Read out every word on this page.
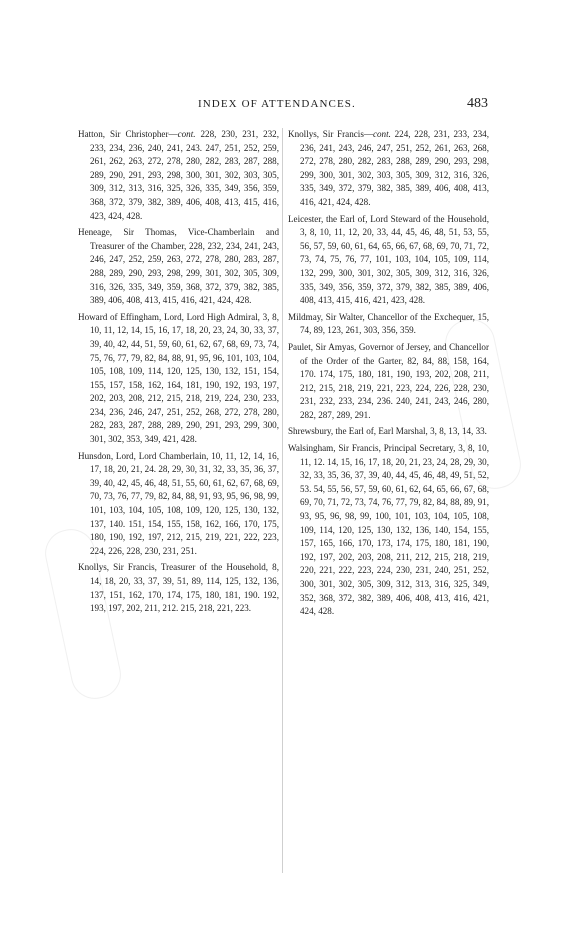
INDEX OF ATTENDANCES.	483

Hatton, Sir Christopher—cont. 228, 230, 231, 232, 233, 234, 236, 240, 241, 243. 247, 251, 252, 259, 261, 262, 263, 272, 278, 280, 282, 283, 287, 288, 289, 290, 291, 293, 298, 300, 301, 302, 303, 305, 309, 312, 313, 316, 325, 326, 335, 349, 356, 359, 368, 372, 379, 382, 389, 406, 408, 413, 415, 416, 423, 424, 428.

Heneage, Sir Thomas, Vice-Chamberlain and Treasurer of the Chamber, 228, 232, 234, 241, 243, 246, 247, 252, 259, 263, 272, 278, 280, 283, 287, 288, 289, 290, 293, 298, 299, 301, 302, 305, 309, 316, 326, 335, 349, 359, 368, 372, 379, 382, 385, 389, 406, 408, 413, 415, 416, 421, 424, 428.

Howard of Effingham, Lord, Lord High Admiral, 3, 8, 10, 11, 12, 14, 15, 16, 17, 18, 20, 23, 24, 30, 33, 37, 39, 40, 42, 44, 51, 59, 60, 61, 62, 67, 68, 69, 73, 74, 75, 76, 77, 79, 82, 84, 88, 91, 95, 96, 101, 103, 104, 105, 108, 109, 114, 120, 125, 130, 132, 151, 154, 155, 157, 158, 162, 164, 181, 190, 192, 193, 197, 202, 203, 208, 212, 215, 218, 219, 224, 230, 233, 234, 236, 246, 247, 251, 252, 268, 272, 278, 280, 282, 283, 287, 288, 289, 290, 291, 293, 299, 300, 301, 302, 353, 349, 421, 428.

Hunsdon, Lord, Lord Chamberlain, 10, 11, 12, 14, 16, 17, 18, 20, 21, 24. 28, 29, 30, 31, 32, 33, 35, 36, 37, 39, 40, 42, 45, 46, 48, 51, 55, 60, 61, 62, 67, 68, 69, 70, 73, 76, 77, 79, 82, 84, 88, 91, 93, 95, 96, 98, 99, 101, 103, 104, 105, 108, 109, 120, 125, 130, 132, 137, 140. 151, 154, 155, 158, 162, 166, 170, 175, 180, 190, 192, 197, 212, 215, 219, 221, 222, 223, 224, 226, 228, 230, 231, 251.

Knollys, Sir Francis, Treasurer of the Household, 8, 14, 18, 20, 33, 37, 39, 51, 89, 114, 125, 132, 136, 137, 151, 162, 170, 174, 175, 180, 181, 190. 192, 193, 197, 202, 211, 212. 215, 218, 221, 223.

Knollys, Sir Francis—cont. 224, 228, 231, 233, 234, 236, 241, 243, 246, 247, 251, 252, 261, 263, 268, 272, 278, 280, 282, 283, 288, 289, 290, 293, 298, 299, 300, 301, 302, 303, 305, 309, 312, 316, 326, 335, 349, 372, 379, 382, 385, 389, 406, 408, 413, 416, 421, 424, 428.

Leicester, the Earl of, Lord Steward of the Household, 3, 8, 10, 11, 12, 20, 33, 44, 45, 46, 48, 51, 53, 55, 56, 57, 59, 60, 61, 64, 65, 66, 67, 68, 69, 70, 71, 72, 73, 74, 75, 76, 77, 101, 103, 104, 105, 109, 114, 132, 299, 300, 301, 302, 305, 309, 312, 316, 326, 335, 349, 356, 359, 372, 379, 382, 385, 389, 406, 408, 413, 415, 416, 421, 423, 428.

Mildmay, Sir Walter, Chancellor of the Exchequer, 15, 74, 89, 123, 261, 303, 356, 359.

Paulet, Sir Amyas, Governor of Jersey, and Chancellor of the Order of the Garter, 82, 84, 88, 158, 164, 170. 174, 175, 180, 181, 190, 193, 202, 208, 211, 212, 215, 218, 219, 221, 223, 224, 226, 228, 230, 231, 232, 233, 234, 236. 240, 241, 243, 246, 280, 282, 287, 289, 291.

Shrewsbury, the Earl of, Earl Marshal, 3, 8, 13, 14, 33.

Walsingham, Sir Francis, Principal Secretary, 3, 8, 10, 11, 12. 14, 15, 16, 17, 18, 20, 21, 23, 24, 28, 29, 30, 32, 33, 35, 36, 37, 39, 40, 44, 45, 46, 48, 49, 51, 52, 53. 54, 55, 56, 57, 59, 60, 61, 62, 64, 65, 66, 67, 68, 69, 70, 71, 72, 73, 74, 76, 77, 79, 82, 84, 88, 89, 91, 93, 95, 96, 98, 99, 100, 101, 103, 104, 105, 108, 109, 114, 120, 125, 130, 132, 136, 140, 154, 155, 157, 165, 166, 170, 173, 174, 175, 180, 181, 190, 192, 197, 202, 203, 208, 211, 212, 215, 218, 219, 220, 221, 222, 223, 224, 230, 231, 240, 251, 252, 300, 301, 302, 305, 309, 312, 313, 316, 325, 349, 352, 368, 372, 382, 389, 406, 408, 413, 416, 421, 424, 428.
